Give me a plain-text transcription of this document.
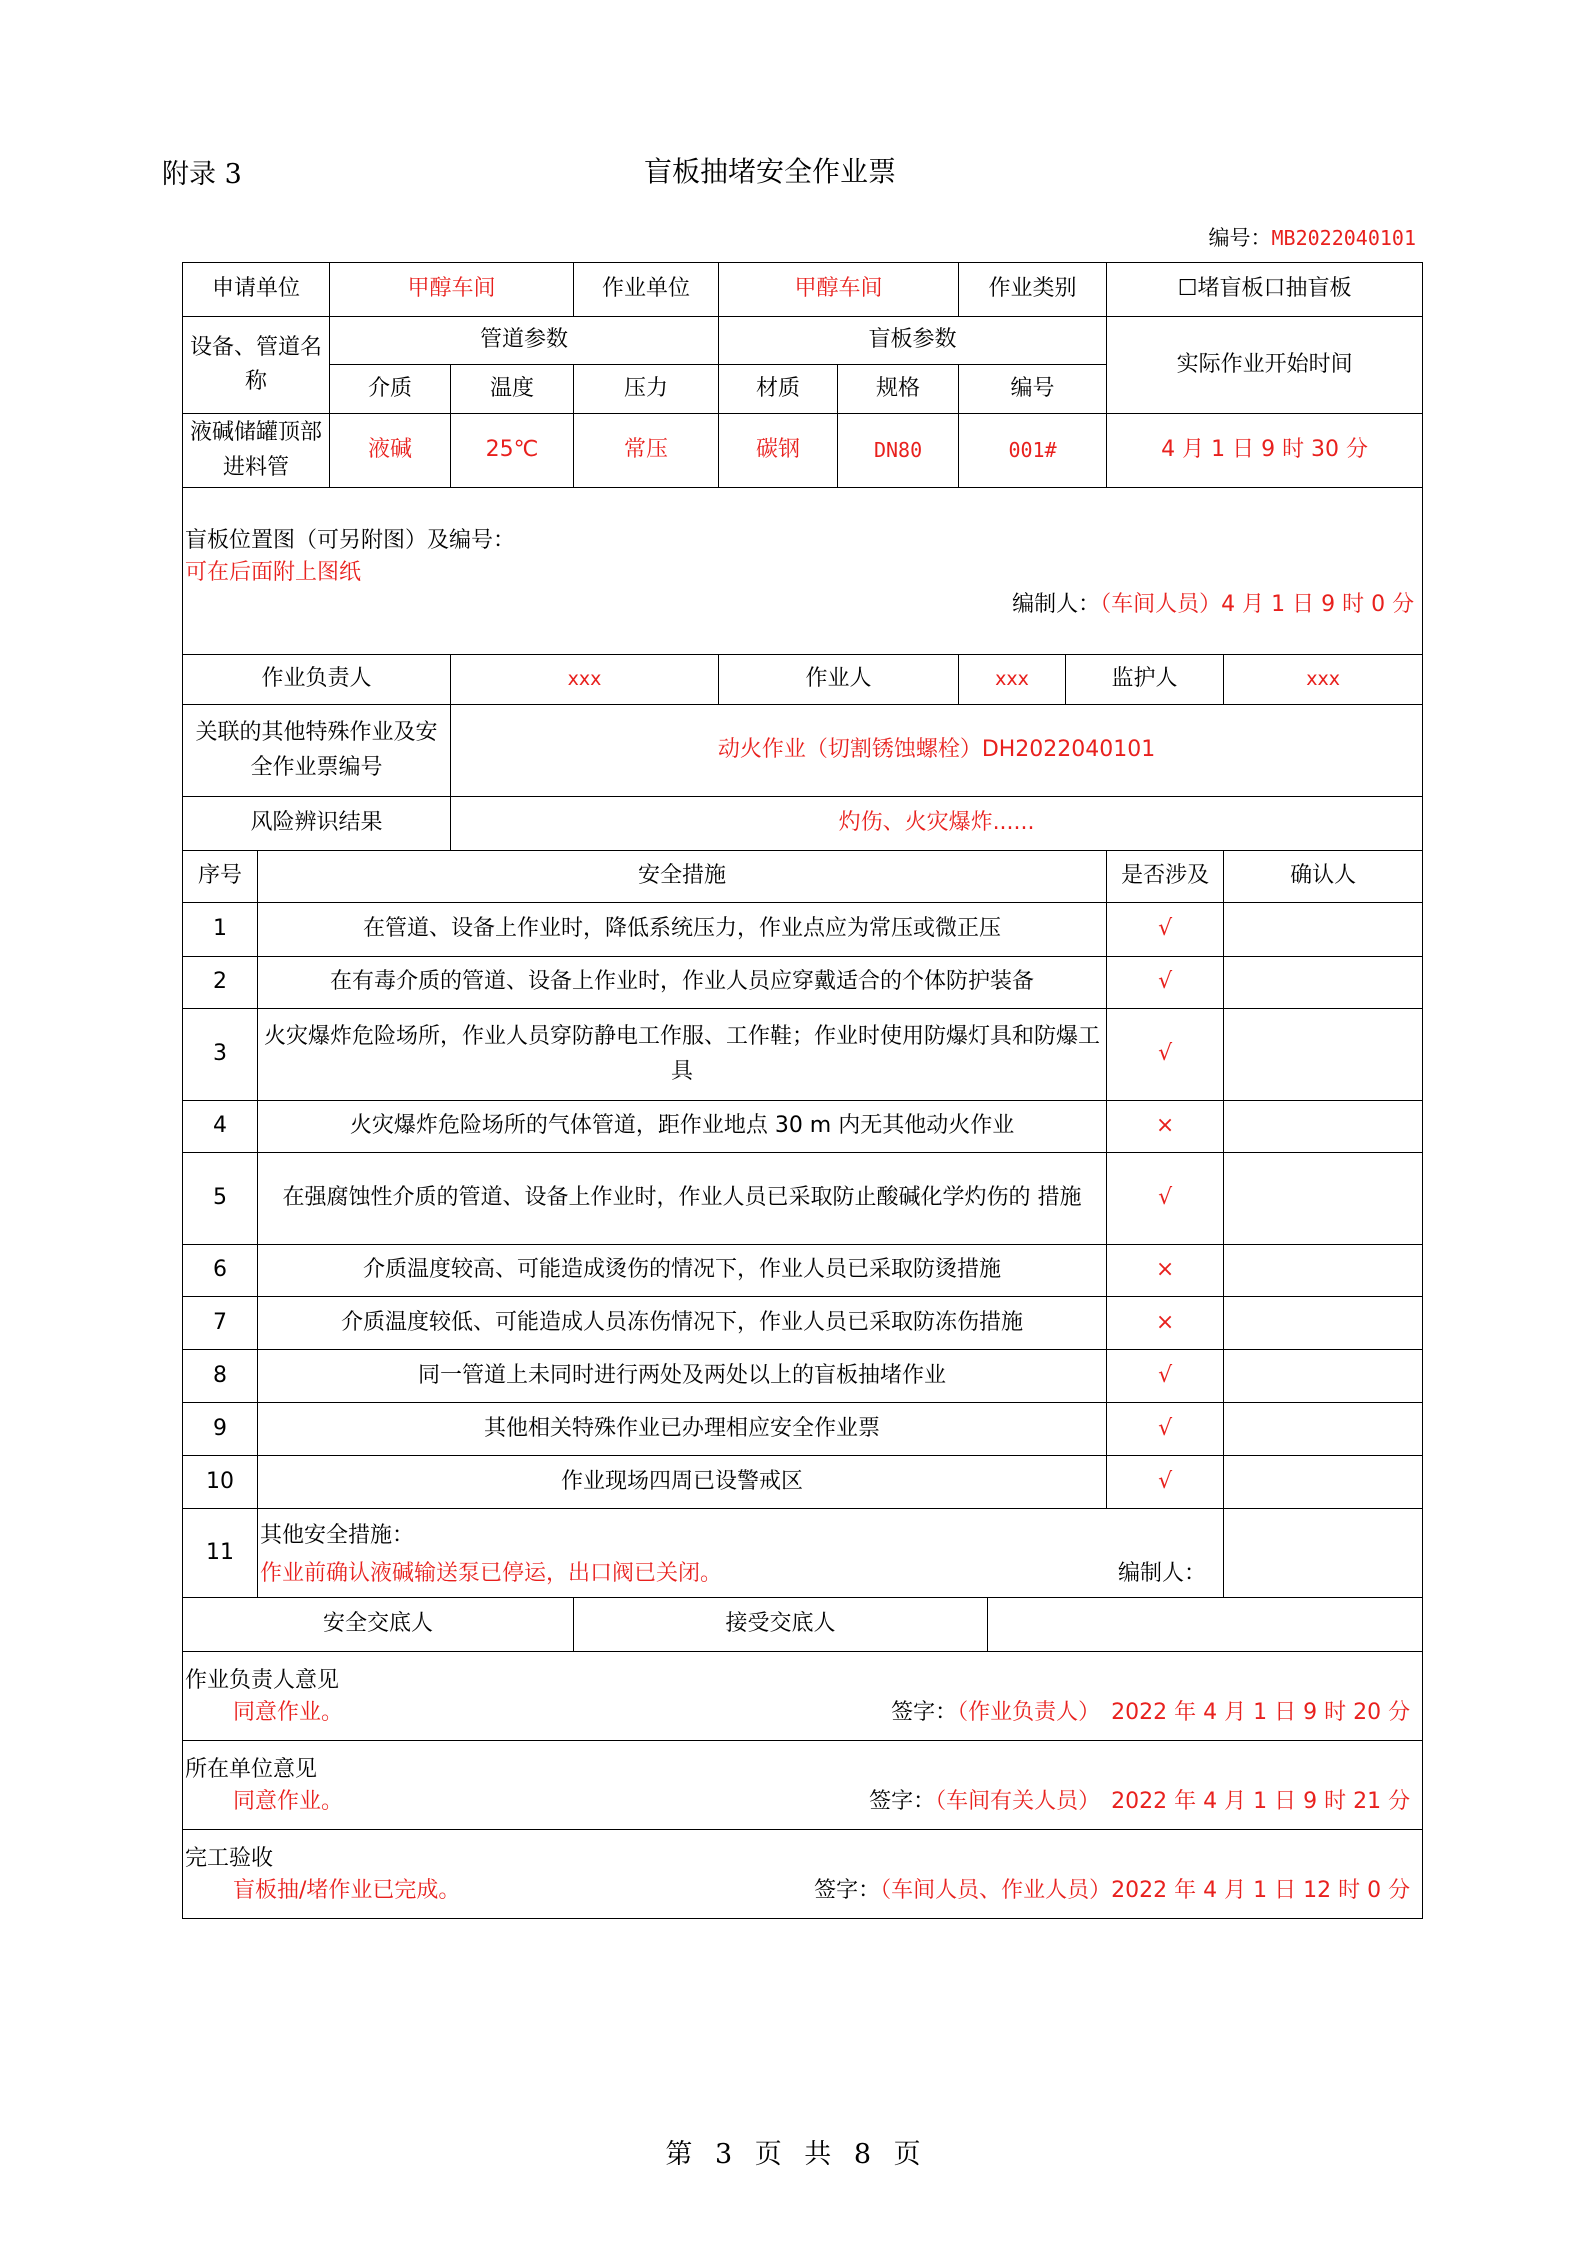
附录 3	盲板抽堵安全作业票
编号：MB2022040101
申请单位		甲醇车间		作业单位	甲醇车间		作业类别			☐堵盲板口抽盲板	
设备、管道名称		管道参数			盲板参数					实际作业开始时间	
		介质	温度	压力	材质	规格	编号				
液碱储罐顶部进料管		液碱	25℃	常压	碳钢	DN80	001#			4 月 1 日 9 时 30 分	

盲板位置图（可另附图）及编号：
可在后面附上图纸
编制人：（车间人员）4 月 1 日 9 时 0 分											

作业负责人			xxx		作业人		xxx		监护人		xxx
关联的其他特殊作业及安全作业票编号			动火作业（切割锈蚀螺栓）DH2022040101								
风险辨识结果			灼伤、火灾爆炸......								
序号	安全措施									是否涉及	确认人
1	在管道、设备上作业时，降低系统压力，作业点应为常压或微正压									√	
2	在有毒介质的管道、设备上作业时，作业人员应穿戴适合的个体防护装备									√	
3	火灾爆炸危险场所，作业人员穿防静电工作服、工作鞋；作业时使用防爆灯具和防爆工具									√	
4	火灾爆炸危险场所的气体管道，距作业地点 30 m 内无其他动火作业									×	
5	在强腐蚀性介质的管道、设备上作业时，作业人员已采取防止酸碱化学灼伤的 措施									√	
6	介质温度较高、可能造成烫伤的情况下，作业人员已采取防烫措施									×	
7	介质温度较低、可能造成人员冻伤情况下，作业人员已采取防冻伤措施									×	
8	同一管道上未同时进行两处及两处以上的盲板抽堵作业									√	
9	其他相关特殊作业已办理相应安全作业票									√	
10	作业现场四周已设警戒区									√	
11	其他安全措施：
作业前确认液碱输送泵已停运，出口阀已关闭。 编制人：										

安全交底人				接受交底人							

作业负责人意见
同意作业。 签字：（作业负责人）　2022 年 4 月 1 日 9 时 20 分											

所在单位意见
同意作业。 签字：（车间有关人员）　2022 年 4 月 1 日 9 时 21 分											

完工验收
盲板抽/堵作业已完成。 签字：（车间人员、作业人员）2022 年 4 月 1 日 12 时 0 分											
第 3 页 共 8 页
